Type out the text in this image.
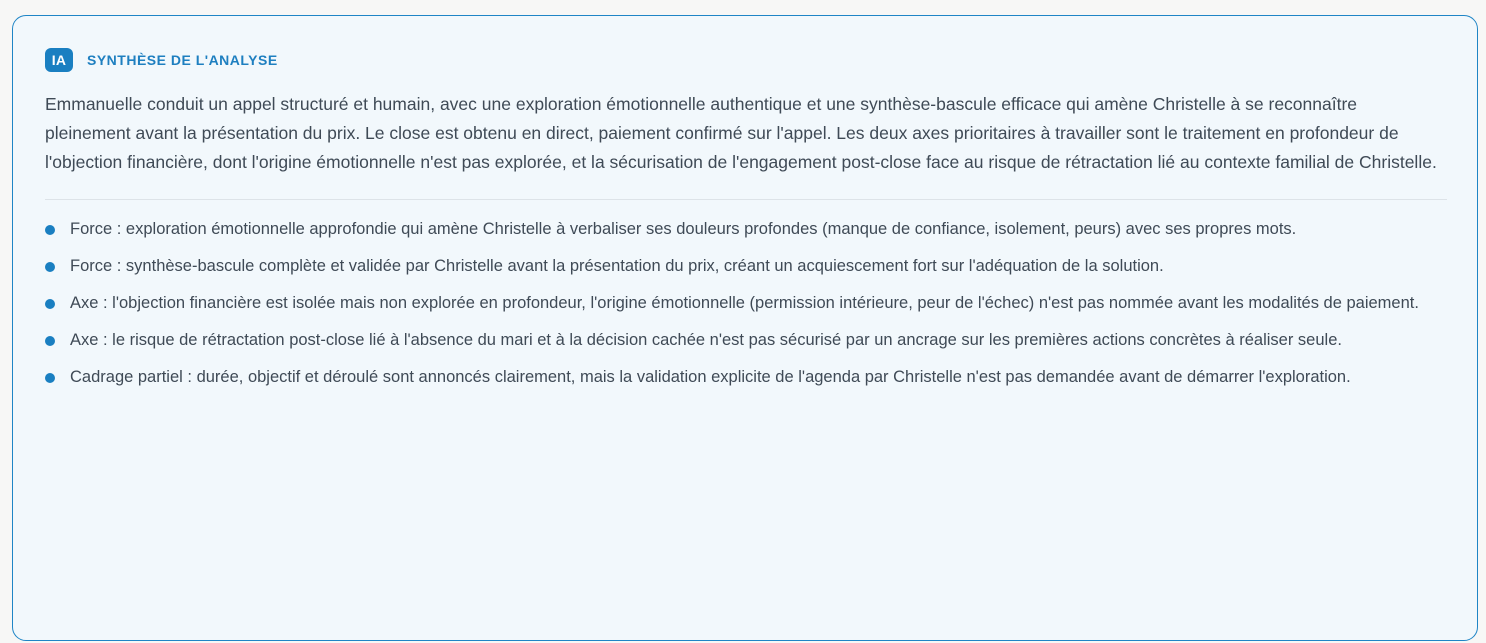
IA	SYNTHÈSE DE L'ANALYSE

Emmanuelle conduit un appel structuré et humain, avec une exploration émotionnelle authentique et une synthèse-bascule efficace qui amène Christelle à se reconnaître pleinement avant la présentation du prix. Le close est obtenu en direct, paiement confirmé sur l'appel. Les deux axes prioritaires à travailler sont le traitement en profondeur de l'objection financière, dont l'origine émotionnelle n'est pas explorée, et la sécurisation de l'engagement post-close face au risque de rétractation lié au contexte familial de Christelle.

Force : exploration émotionnelle approfondie qui amène Christelle à verbaliser ses douleurs profondes (manque de confiance, isolement, peurs) avec ses propres mots.
Force : synthèse-bascule complète et validée par Christelle avant la présentation du prix, créant un acquiescement fort sur l'adéquation de la solution.
Axe : l'objection financière est isolée mais non explorée en profondeur, l'origine émotionnelle (permission intérieure, peur de l'échec) n'est pas nommée avant les modalités de paiement.
Axe : le risque de rétractation post-close lié à l'absence du mari et à la décision cachée n'est pas sécurisé par un ancrage sur les premières actions concrètes à réaliser seule.
Cadrage partiel : durée, objectif et déroulé sont annoncés clairement, mais la validation explicite de l'agenda par Christelle n'est pas demandée avant de démarrer l'exploration.
